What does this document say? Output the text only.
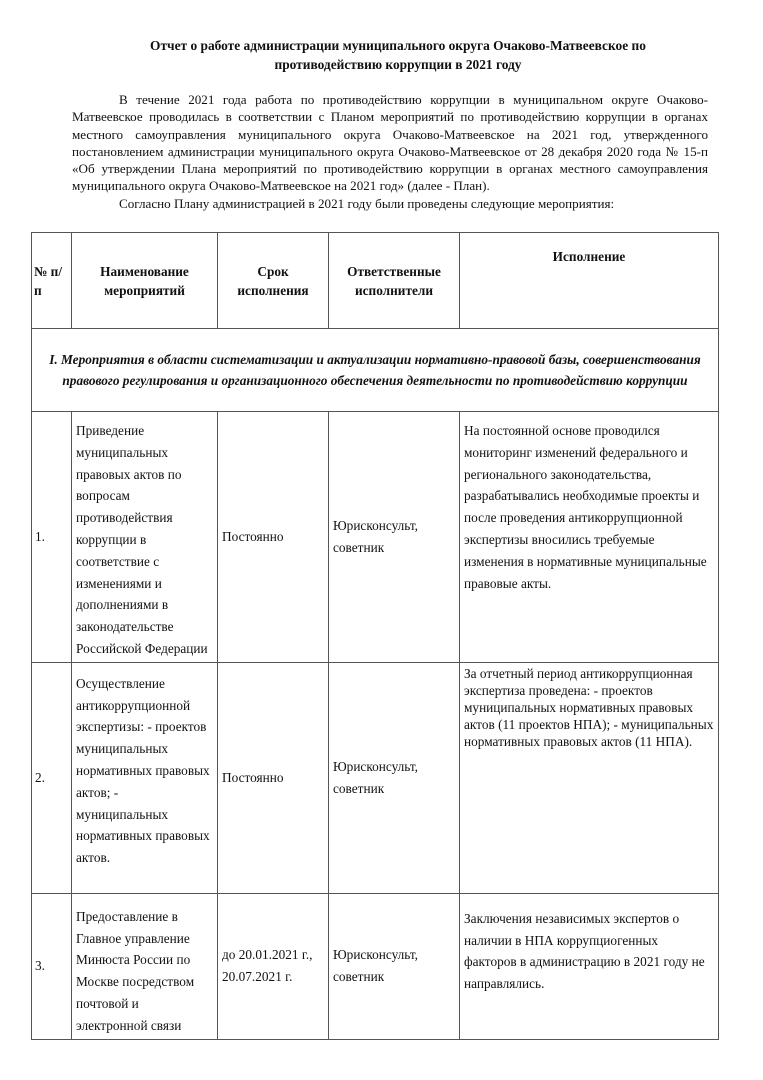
Отчет о работе администрации муниципального округа Очаково-Матвеевское по противодействию коррупции в 2021 году

В течение 2021 года работа по противодействию коррупции в муниципальном округе Очаково-Матвеевское проводилась в соответствии с Планом мероприятий по противодействию коррупции в органах местного самоуправления муниципального округа Очаково-Матвеевское на 2021 год, утвержденного постановлением администрации муниципального округа Очаково-Матвеевское от 28 декабря 2020 года № 15-п «Об утверждении Плана мероприятий по противодействию коррупции в органах местного самоуправления муниципального округа Очаково-Матвеевское на 2021 год» (далее - План).

Согласно Плану администрацией в 2021 году были проведены следующие мероприятия:

№ п/п	Наименование мероприятий	Срок исполнения	Ответственные исполнители	Исполнение
I. Мероприятия в области систематизации и актуализации нормативно-правовой базы, совершенствования правового регулирования и организационного обеспечения деятельности по противодействию коррупции				
1.	Приведение муниципальных правовых актов по вопросам противодействия коррупции в соответствие с изменениями и дополнениями в законодательстве Российской Федерации	Постоянно	Юрисконсульт, советник	На постоянной основе проводился мониторинг изменений федерального и регионального законодательства, разрабатывались необходимые проекты и после проведения антикоррупционной экспертизы вносились требуемые изменения в нормативные муниципальные правовые акты.
2.	Осуществление антикоррупционной экспертизы: - проектов муниципальных нормативных правовых актов; - муниципальных нормативных правовых актов.	Постоянно	Юрисконсульт, советник	За отчетный период антикоррупционная экспертиза проведена: - проектов муниципальных нормативных правовых актов (11 проектов НПА); - муниципальных нормативных правовых актов (11 НПА).
3.	Предоставление в Главное управление Минюста России по Москве посредством почтовой и электронной связи	до 20.01.2021 г., 20.07.2021 г.	Юрисконсульт, советник	Заключения независимых экспертов о наличии в НПА коррупциогенных факторов в администрацию в 2021 году не направлялись.
